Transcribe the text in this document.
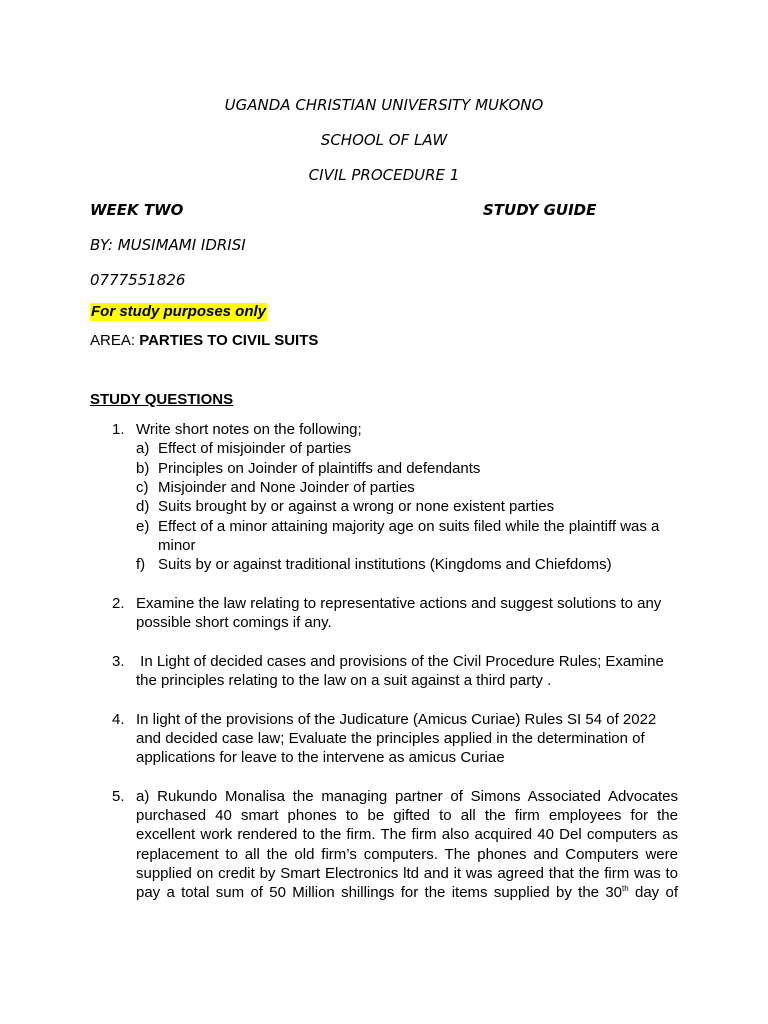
UGANDA CHRISTIAN UNIVERSITY MUKONO
SCHOOL OF LAW
CIVIL PROCEDURE 1
WEEK TWO	STUDY GUIDE
BY: MUSIMAMI IDRISI
0777551826
For study purposes only
AREA: PARTIES TO CIVIL SUITS
STUDY QUESTIONS
1. Write short notes on the following;
a) Effect of misjoinder of parties
b) Principles on Joinder of plaintiffs and defendants
c) Misjoinder and None Joinder of parties
d) Suits brought by or against a wrong or none existent parties
e) Effect of a minor attaining majority age on suits filed while the plaintiff was a
minor
f) Suits by or against traditional institutions (Kingdoms and Chiefdoms)
2. Examine the law relating to representative actions and suggest solutions to any
possible short comings if any.
3. In Light of decided cases and provisions of the Civil Procedure Rules; Examine
the principles relating to the law on a suit against a third party .
4. In light of the provisions of the Judicature (Amicus Curiae) Rules SI 54 of 2022
and decided case law; Evaluate the principles applied in the determination of
applications for leave to the intervene as amicus Curiae
5. a) Rukundo Monalisa the managing partner of Simons Associated Advocates
purchased 40 smart phones to be gifted to all the firm employees for the
excellent work rendered to the firm. The firm also acquired 40 Del computers as
replacement to all the old firm’s computers. The phones and Computers were
supplied on credit by Smart Electronics ltd and it was agreed that the firm was to
pay a total sum of 50 Million shillings for the items supplied by the 30th day of
